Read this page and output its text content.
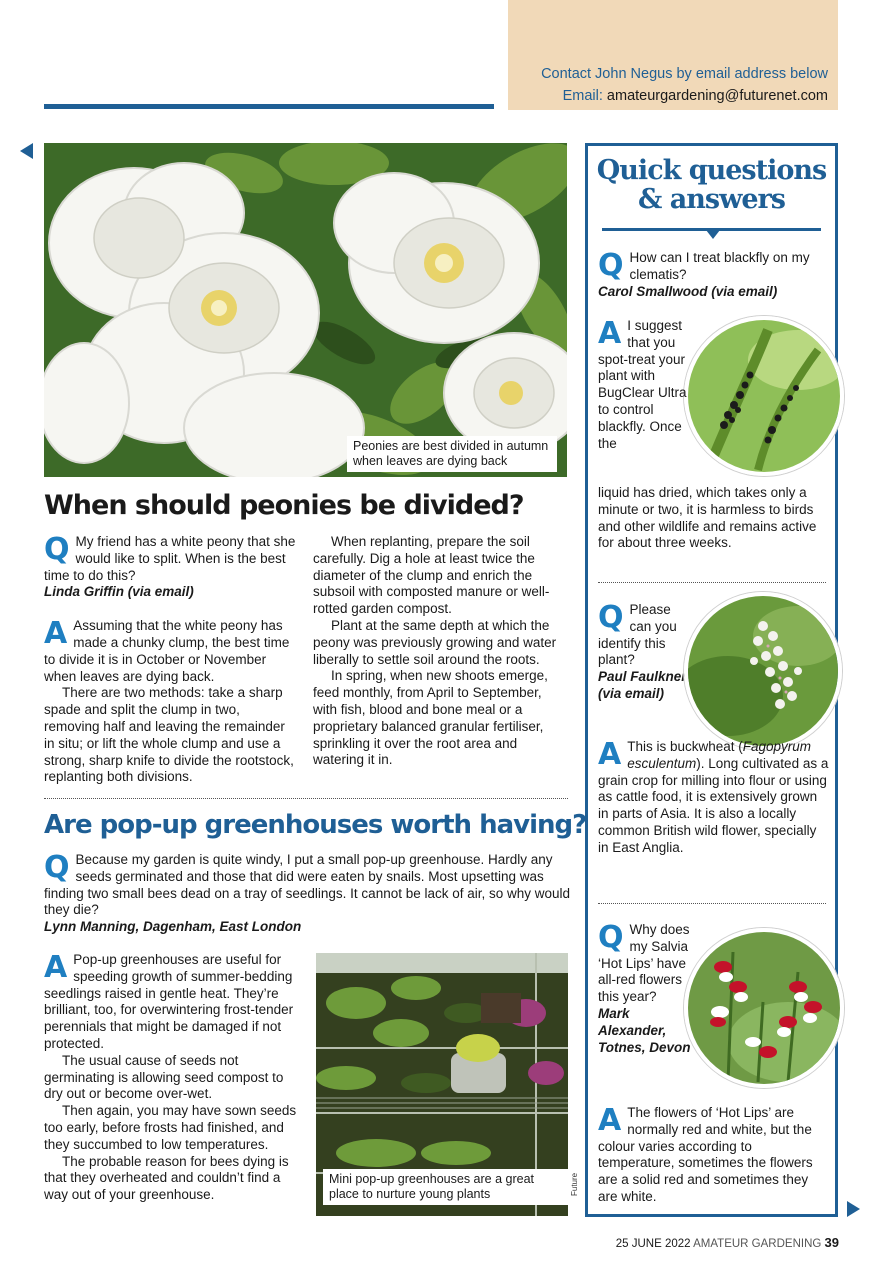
Contact John Negus by email address below
Email: amateurgardening@futurenet.com
Peonies are best divided in autumn when leaves are dying back
When should peonies be divided?

Q My friend has a white peony that she would like to split. When is the best time to do this?
Linda Griffin (via email)

A Assuming that the white peony has made a chunky clump, the best time to divide it is in October or November when leaves are dying back.

There are two methods: take a sharp spade and split the clump in two, removing half and leaving the remainder in situ; or lift the whole clump and use a strong, sharp knife to divide the rootstock, replanting both divisions.

When replanting, prepare the soil carefully. Dig a hole at least twice the diameter of the clump and enrich the subsoil with composted manure or well-rotted garden compost.

Plant at the same depth at which the peony was previously growing and water liberally to settle soil around the roots.

In spring, when new shoots emerge, feed monthly, from April to September, with fish, blood and bone meal or a proprietary balanced granular fertiliser, sprinkling it over the root area and watering it in.

Are pop-up greenhouses worth having?
Q Because my garden is quite windy, I put a small pop-up greenhouse. Hardly any seeds germinated and those that did were eaten by snails. Most upsetting was finding two small bees dead on a tray of seedlings. It cannot be lack of air, so why would they die?
Lynn Manning, Dagenham, East London

A Pop-up greenhouses are useful for speeding growth of summer-bedding seedlings raised in gentle heat. They’re brilliant, too, for overwintering frost-tender perennials that might be damaged if not protected.

The usual cause of seeds not germinating is allowing seed compost to dry out or become over-wet.

Then again, you may have sown seeds too early, before frosts had finished, and they succumbed to low temperatures.

The probable reason for bees dying is that they overheated and couldn’t find a way out of your greenhouse.

Mini pop-up greenhouses are a great place to nurture young plants	Future
Quick questions
& answers
Q How can I treat blackfly on my clematis?
Carol Smallwood (via email)
A I suggest that you spot-treat your plant with BugClear Ultra to control blackfly. Once the
liquid has dried, which takes only a minute or two, it is harmless to birds and other wildlife and remains active for about three weeks.
Q Please can you identify this plant?
Paul Faulkner (via email)
A This is buckwheat (Fagopyrum esculentum). Long cultivated as a grain crop for milling into flour or using as cattle food, it is extensively grown in parts of Asia. It is also a locally common British wild flower, specially in East Anglia.
Q Why does my Salvia ‘Hot Lips’ have all-red flowers this year?
Mark Alexander, Totnes, Devon
A The flowers of ‘Hot Lips’ are normally red and white, but the colour varies according to temperature, sometimes the flowers are a solid red and sometimes they are white.
25 JUNE 2022 AMATEUR GARDENING 39
